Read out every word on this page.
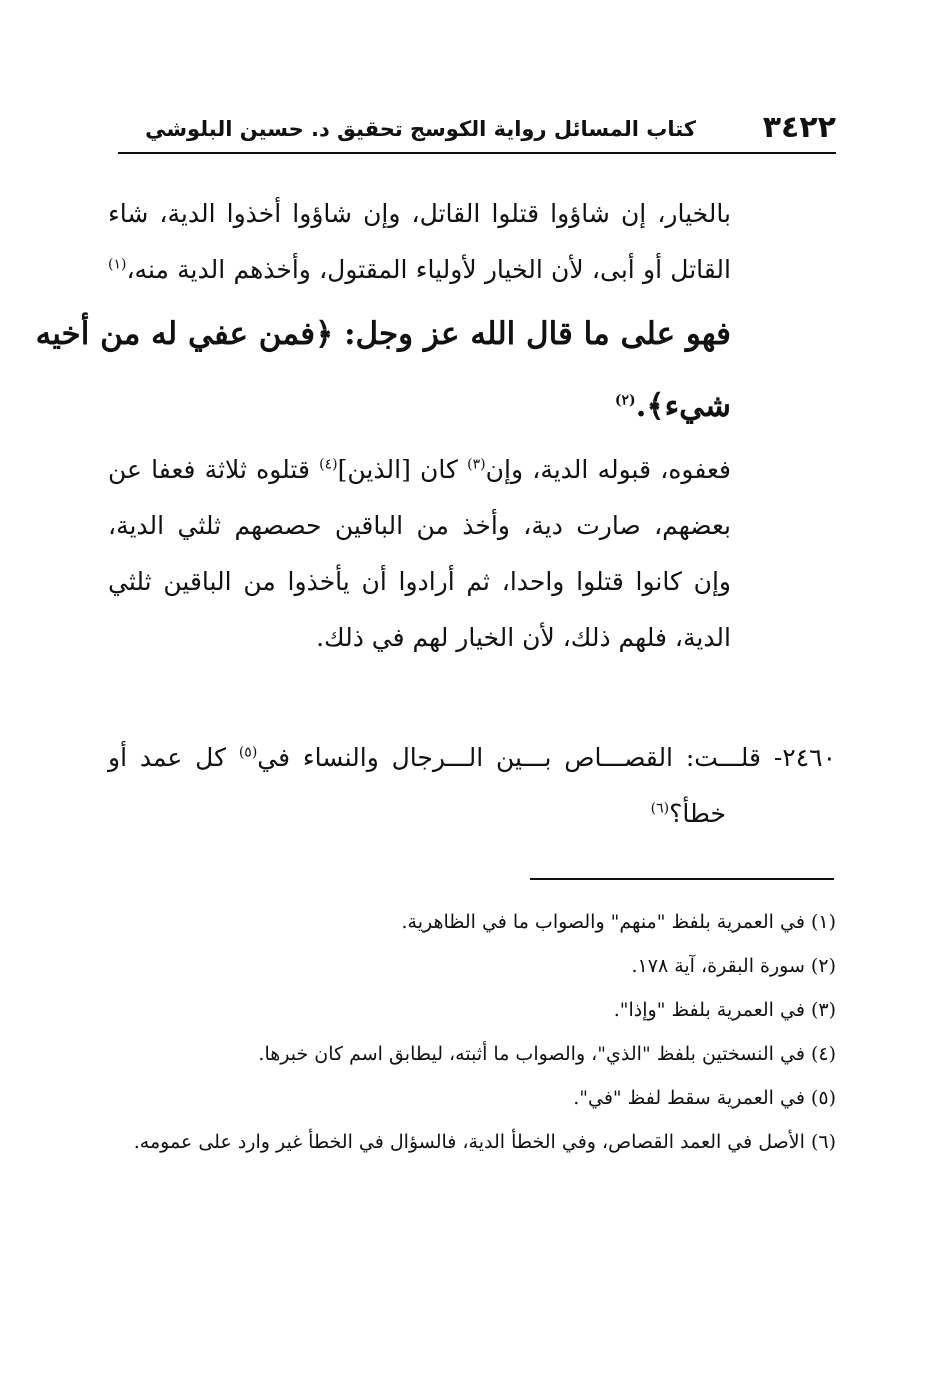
٣٤٢٢
كتاب المسائل رواية الكوسج تحقيق د. حسين البلوشي
بالخيار، إن شاؤوا قتلوا القاتل، وإن شاؤوا أخذوا الدية، شاء
القاتل أو أبى، لأن الخيار لأولياء المقتول، وأخذهم الدية منه،$^{(١)}$
فهو على ما قال الله عز وجل: ﴿فمن عفي له من أخيه
شيء﴾.$^{(٢)}$
فعفوه، قبوله الدية، وإن$^{(٣)}$ كان [الذين]$^{(٤)}$ قتلوه ثلاثة فعفا عن
بعضهم، صارت دية، وأخذ من الباقين حصصهم ثلثي الدية،
وإن كانوا قتلوا واحدا، ثم أرادوا أن يأخذوا من الباقين ثلثي
الدية، فلهم ذلك، لأن الخيار لهم في ذلك.
٢٤٦٠- قلـــت: القصـــاص بـــين الـــرجال والنساء في$^{(٥)}$ كل عمد أو
خطأ؟$^{(٦)}$
(١) في العمرية بلفظ "منهم" والصواب ما في الظاهرية.
(٢) سورة البقرة، آية ١٧٨.
(٣) في العمرية بلفظ "وإذا".
(٤) في النسختين بلفظ "الذي"، والصواب ما أثبته، ليطابق اسم كان خبرها.
(٥) في العمرية سقط لفظ "في".
(٦) الأصل في العمد القصاص، وفي الخطأ الدية، فالسؤال في الخطأ غير وارد على عمومه.
